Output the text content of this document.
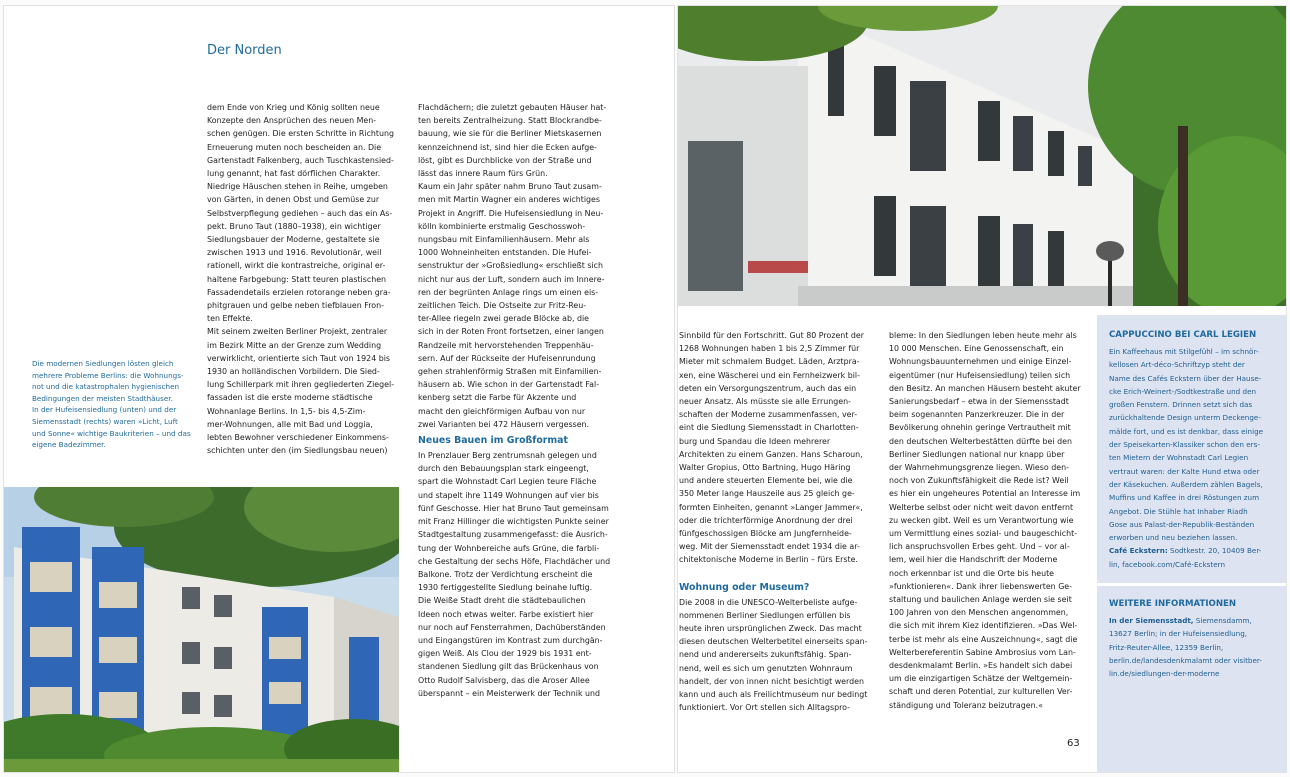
Der Norden

Die modernen Siedlungen lösten gleich

mehrere Probleme Berlins: die Wohnungs-

not und die katastrophalen hygienischen

Bedingungen der meisten Stadthäuser.

In der Hufeisensiedlung (unten) und der

Siemensstadt (rechts) waren »Licht, Luft

und Sonne« wichtige Baukriterien – und das

eigene Badezimmer.

dem Ende von Krieg und König sollten neue

Konzepte den Ansprüchen des neuen Men-

schen genügen. Die ersten Schritte in Richtung

Erneuerung muten noch bescheiden an. Die

Gartenstadt Falkenberg, auch Tuschkastensied-

lung genannt, hat fast dörflichen Charakter.

Niedrige Häuschen stehen in Reihe, umgeben

von Gärten, in denen Obst und Gemüse zur

Selbstverpflegung gediehen – auch das ein As-

pekt. Bruno Taut (1880–1938), ein wichtiger

Siedlungsbauer der Moderne, gestaltete sie

zwischen 1913 und 1916. Revolutionär, weil

rationell, wirkt die kontrastreiche, original er-

haltene Farbgebung: Statt teuren plastischen

Fassadendetails erzielen rotorange neben gra-

phitgrauen und gelbe neben tiefblauen Fron-

ten Effekte.

Mit seinem zweiten Berliner Projekt, zentraler

im Bezirk Mitte an der Grenze zum Wedding

verwirklicht, orientierte sich Taut von 1924 bis

1930 an holländischen Vorbildern. Die Sied-

lung Schillerpark mit ihren gegliederten Ziegel-

fassaden ist die erste moderne städtische

Wohnanlage Berlins. In 1,5- bis 4,5-Zim-

mer-Wohnungen, alle mit Bad und Loggia,

lebten Bewohner verschiedener Einkommens-

schichten unter den (im Siedlungsbau neuen)

Flachdächern; die zuletzt gebauten Häuser hat-

ten bereits Zentralheizung. Statt Blockrandbe-

bauung, wie sie für die Berliner Mietskasernen

kennzeichnend ist, sind hier die Ecken aufge-

löst, gibt es Durchblicke von der Straße und

lässt das innere Raum fürs Grün.

Kaum ein Jahr später nahm Bruno Taut zusam-

men mit Martin Wagner ein anderes wichtiges

Projekt in Angriff. Die Hufeisensiedlung in Neu-

kölln kombinierte erstmalig Geschosswoh-

nungsbau mit Einfamilienhäusern. Mehr als

1000 Wohneinheiten entstanden. Die Hufei-

senstruktur der »Großsiedlung« erschließt sich

nicht nur aus der Luft, sondern auch im Innere-

ren der begrünten Anlage rings um einen eis-

zeitlichen Teich. Die Ostseite zur Fritz-Reu-

ter-Allee riegeln zwei gerade Blöcke ab, die

sich in der Roten Front fortsetzen, einer langen

Randzeile mit hervorstehenden Treppenhäu-

sern. Auf der Rückseite der Hufeisenrundung

gehen strahlenförmig Straßen mit Einfamilien-

häusern ab. Wie schon in der Gartenstadt Fal-

kenberg setzt die Farbe für Akzente und

macht den gleichförmigen Aufbau von nur

zwei Varianten bei 472 Häusern vergessen.

Neues Bauen im Großformat

In Prenzlauer Berg zentrumsnah gelegen und

durch den Bebauungsplan stark eingeengt,

spart die Wohnstadt Carl Legien teure Fläche

und stapelt ihre 1149 Wohnungen auf vier bis

fünf Geschosse. Hier hat Bruno Taut gemeinsam

mit Franz Hillinger die wichtigsten Punkte seiner

Stadtgestaltung zusammengefasst: die Ausrich-

tung der Wohnbereiche aufs Grüne, die farbli-

che Gestaltung der sechs Höfe, Flachdächer und

Balkone. Trotz der Verdichtung erscheint die

1930 fertiggestellte Siedlung beinahe luftig.

Die Weiße Stadt dreht die städtebaulichen

Ideen noch etwas weiter. Farbe existiert hier

nur noch auf Fensterrahmen, Dachüberständen

und Eingangstüren im Kontrast zum durchgän-

gigen Weiß. Als Clou der 1929 bis 1931 ent-

standenen Siedlung gilt das Brückenhaus von

Otto Rudolf Salvisberg, das die Aroser Allee

überspannt – ein Meisterwerk der Technik und

Sinnbild für den Fortschritt. Gut 80 Prozent der

1268 Wohnungen haben 1 bis 2,5 Zimmer für

Mieter mit schmalem Budget. Läden, Arztpra-

xen, eine Wäscherei und ein Fernheizwerk bil-

deten ein Versorgungszentrum, auch das ein

neuer Ansatz. Als müsste sie alle Errungen-

schaften der Moderne zusammenfassen, ver-

eint die Siedlung Siemensstadt in Charlotten-

burg und Spandau die Ideen mehrerer

Architekten zu einem Ganzen. Hans Scharoun,

Walter Gropius, Otto Bartning, Hugo Häring

und andere steuerten Elemente bei, wie die

350 Meter lange Hauszeile aus 25 gleich ge-

formten Einheiten, genannt »Langer Jammer«,

oder die trichterförmige Anordnung der drei

fünfgeschossigen Blöcke am Jungfernheide-

weg. Mit der Siemensstadt endet 1934 die ar-

chitektonische Moderne in Berlin – fürs Erste.

Wohnung oder Museum?

Die 2008 in die UNESCO-Welterbeliste aufge-

nommenen Berliner Siedlungen erfüllen bis

heute ihren ursprünglichen Zweck. Das macht

diesen deutschen Welterbetitel einerseits span-

nend und andererseits zukunftsfähig. Span-

nend, weil es sich um genutzten Wohnraum

handelt, der von innen nicht besichtigt werden

kann und auch als Freilichtmuseum nur bedingt

funktioniert. Vor Ort stellen sich Alltagspro-

bleme: In den Siedlungen leben heute mehr als

10 000 Menschen. Eine Genossenschaft, ein

Wohnungsbauunternehmen und einige Einzel-

eigentümer (nur Hufeisensiedlung) teilen sich

den Besitz. An manchen Häusern besteht akuter

Sanierungsbedarf – etwa in der Siemensstadt

beim sogenannten Panzerkreuzer. Die in der

Bevölkerung ohnehin geringe Vertrautheit mit

den deutschen Welterbestätten dürfte bei den

Berliner Siedlungen national nur knapp über

der Wahrnehmungsgrenze liegen. Wieso den-

noch von Zukunftsfähigkeit die Rede ist? Weil

es hier ein ungeheures Potential an Interesse im

Welterbe selbst oder nicht weit davon entfernt

zu wecken gibt. Weil es um Verantwortung wie

um Vermittlung eines sozial- und baugeschicht-

lich anspruchsvollen Erbes geht. Und – vor al-

lem, weil hier die Handschrift der Moderne

noch erkennbar ist und die Orte bis heute

»funktionieren«. Dank ihrer liebenswerten Ge-

staltung und baulichen Anlage werden sie seit

100 Jahren von den Menschen angenommen,

die sich mit ihrem Kiez identifizieren. »Das Wel-

terbe ist mehr als eine Auszeichnung«, sagt die

Welterbereferentin Sabine Ambrosius vom Lan-

desdenkmalamt Berlin. »Es handelt sich dabei

um die einzigartigen Schätze der Weltgemein-

schaft und deren Potential, zur kulturellen Ver-

ständigung und Toleranz beizutragen.«

CAPPUCCINO BEI CARL LEGIEN

Ein Kaffeehaus mit Stilgefühl – im schnör-

kellosen Art-déco-Schriftzyp steht der

Name des Cafés Eckstern über der Hause-

cke Erich-Weinert-/Sodtkestraße und den

großen Fenstern. Drinnen setzt sich das

zurückhaltende Design unterm Deckenge-

mälde fort, und es ist denkbar, dass einige

der Speisekarten-Klassiker schon den ers-

ten Mietern der Wohnstadt Carl Legien

vertraut waren: der Kalte Hund etwa oder

der Käsekuchen. Außerdem zählen Bagels,

Muffins und Kaffee in drei Röstungen zum

Angebot. Die Stühle hat Inhaber Riadh

Gose aus Palast-der-Republik-Beständen

erworben und neu beziehen lassen.

Café Eckstern: Sodtkestr. 20, 10409 Ber-

lin, facebook.com/Café-Eckstern

WEITERE INFORMATIONEN

In der Siemensstadt, Siemensdamm,

13627 Berlin; in der Hufeisensiedlung,

Fritz-Reuter-Allee, 12359 Berlin,

berlin.de/landesdenkmalamt oder visitber-

lin.de/siedlungen-der-moderne

63
